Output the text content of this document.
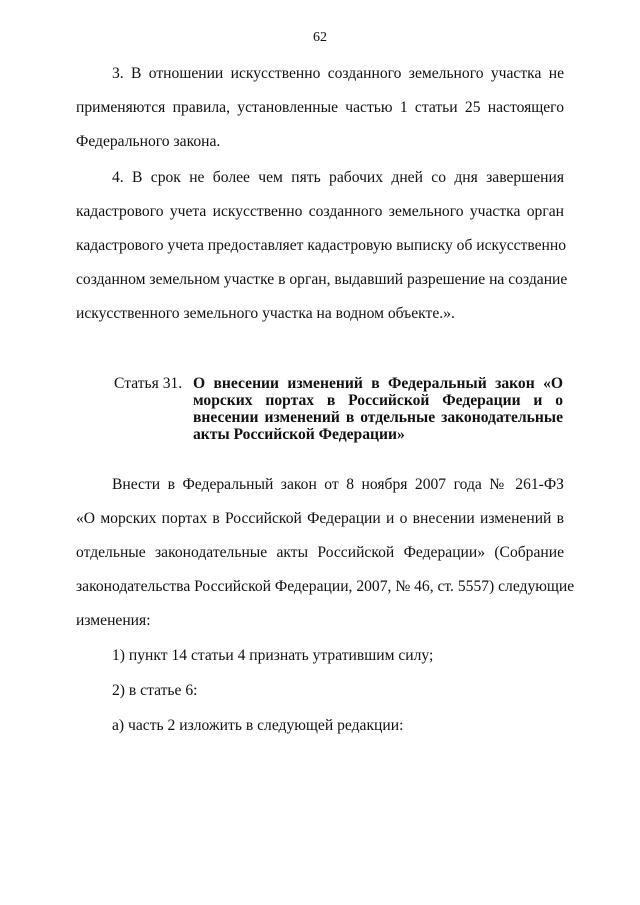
62
3. В отношении искусственно созданного земельного участка не
применяются правила, установленные частью 1 статьи 25 настоящего
Федерального закона.
4. В срок не более чем пять рабочих дней со дня завершения
кадастрового учета искусственно созданного земельного участка орган
кадастрового учета предоставляет кадастровую выписку об искусственно
созданном земельном участке в орган, выдавший разрешение на создание
искусственного земельного участка на водном объекте.».
Статья 31. О внесении изменений в Федеральный закон «О
морских портах в Российской Федерации и о
внесении изменений в отдельные законодательные
акты Российской Федерации»
Внести в Федеральный закон от 8 ноября 2007 года № 261-ФЗ
«О морских портах в Российской Федерации и о внесении изменений в
отдельные законодательные акты Российской Федерации» (Собрание
законодательства Российской Федерации, 2007, № 46, ст. 5557) следующие
изменения:
1) пункт 14 статьи 4 признать утратившим силу;
2) в статье 6:
а) часть 2 изложить в следующей редакции:
